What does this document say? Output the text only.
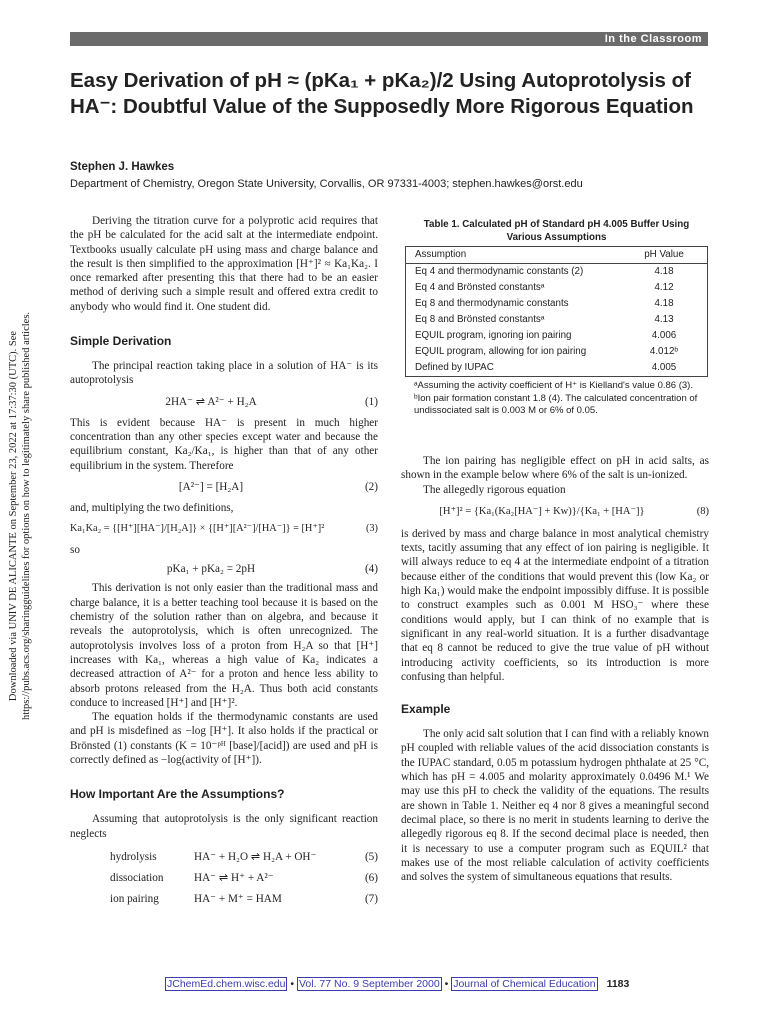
In the Classroom
Easy Derivation of pH ≈ (pKa₁ + pKa₂)/2 Using Autoprotolysis of HA⁻: Doubtful Value of the Supposedly More Rigorous Equation
Stephen J. Hawkes
Department of Chemistry, Oregon State University, Corvallis, OR 97331-4003; stephen.hawkes@orst.edu
Downloaded via UNIV DE ALICANTE on September 23, 2022 at 17:37:30 (UTC). See https://pubs.acs.org/sharingguidelines for options on how to legitimately share published articles.

Deriving the titration curve for a polyprotic acid requires that the pH be calculated for the acid salt at the intermediate endpoint. Textbooks usually calculate pH using mass and charge balance and the result is then simplified to the approximation [H⁺]² ≈ Ka₁Ka₂. I once remarked after presenting this that there had to be an easier method of deriving such a simple result and offered extra credit to anybody who would find it. One student did.

Simple Derivation

The principal reaction taking place in a solution of HA⁻ is its autoprotolysis

2HA⁻ ⇌ A²⁻ + H₂A	(1)

This is evident because HA⁻ is present in much higher concentration than any other species except water and because the equilibrium constant, Ka₂/Ka₁, is higher than that of any other equilibrium in the system. Therefore

[A²⁻] = [H₂A]	(2)

and, multiplying the two definitions,

Ka₁Ka₂ = {[H⁺][HA⁻]/[H₂A]} × {[H⁺][A²⁻]/[HA⁻]} = [H⁺]²	(3)

so

pKa₁ + pKa₂ = 2pH	(4)

This derivation is not only easier than the traditional mass and charge balance, it is a better teaching tool because it is based on the chemistry of the solution rather than on algebra, and because it reveals the autoprotolysis, which is often unrecognized. The autoprotolysis involves loss of a proton from H₂A so that [H⁺] increases with Ka₁, whereas a high value of Ka₂ indicates a decreased attraction of A²⁻ for a proton and hence less ability to absorb protons released from the H₂A. Thus both acid constants conduce to increased [H⁺] and [H⁺]².

The equation holds if the thermodynamic constants are used and pH is misdefined as −log [H⁺]. It also holds if the practical or Brönsted (1) constants (K = 10⁻ᵖᴴ [base]/[acid]) are used and pH is correctly defined as −log(activity of [H⁺]).

How Important Are the Assumptions?

Assuming that autoprotolysis is the only significant reaction neglects

hydrolysis	HA⁻ + H₂O ⇌ H₂A + OH⁻	(5)
dissociation	HA⁻ ⇌ H⁺ + A²⁻	(6)
ion pairing	HA⁻ + M⁺ = HAM	(7)
Table 1. Calculated pH of Standard pH 4.005 Buffer Using Various Assumptions
Assumption	pH Value
Eq 4 and thermodynamic constants (2)	4.18
Eq 4 and Brönsted constantsᵃ	4.12
Eq 8 and thermodynamic constants	4.18
Eq 8 and Brönsted constantsᵃ	4.13
EQUIL program, ignoring ion pairing	4.006
EQUIL program, allowing for ion pairing	4.012ᵇ
Defined by IUPAC	4.005
ᵃAssuming the activity coefficient of H⁺ is Kielland's value 0.86 (3).
ᵇIon pair formation constant 1.8 (4). The calculated concentration of undissociated salt is 0.003 M or 6% of 0.05.

The ion pairing has negligible effect on pH in acid salts, as shown in the example below where 6% of the salt is un-ionized.

The allegedly rigorous equation

[H⁺]² = {Ka₁(Ka₂[HA⁻] + Kw)}/{Ka₁ + [HA⁻]}	(8)

is derived by mass and charge balance in most analytical chemistry texts, tacitly assuming that any effect of ion pairing is negligible. It will always reduce to eq 4 at the intermediate endpoint of a titration because either of the conditions that would prevent this (low Ka₂ or high Ka₁) would make the endpoint impossibly diffuse. It is possible to construct examples such as 0.001 M HSO₃⁻ where these conditions would apply, but I can think of no example that is significant in any real-world situation. It is a further disadvantage that eq 8 cannot be reduced to give the true value of pH without introducing activity coefficients, so its introduction is more confusing than helpful.

Example

The only acid salt solution that I can find with a reliably known pH coupled with reliable values of the acid dissociation constants is the IUPAC standard, 0.05 m potassium hydrogen phthalate at 25 °C, which has pH = 4.005 and molarity approximately 0.0496 M.¹ We may use this pH to check the validity of the equations. The results are shown in Table 1. Neither eq 4 nor 8 gives a meaningful second decimal place, so there is no merit in students learning to derive the allegedly rigorous eq 8. If the second decimal place is needed, then it is necessary to use a computer program such as EQUIL² that makes use of the most reliable calculation of activity coefficients and solves the system of simultaneous equations that results.

JChemEd.chem.wisc.edu • Vol. 77 No. 9 September 2000 • Journal of Chemical Education 1183
